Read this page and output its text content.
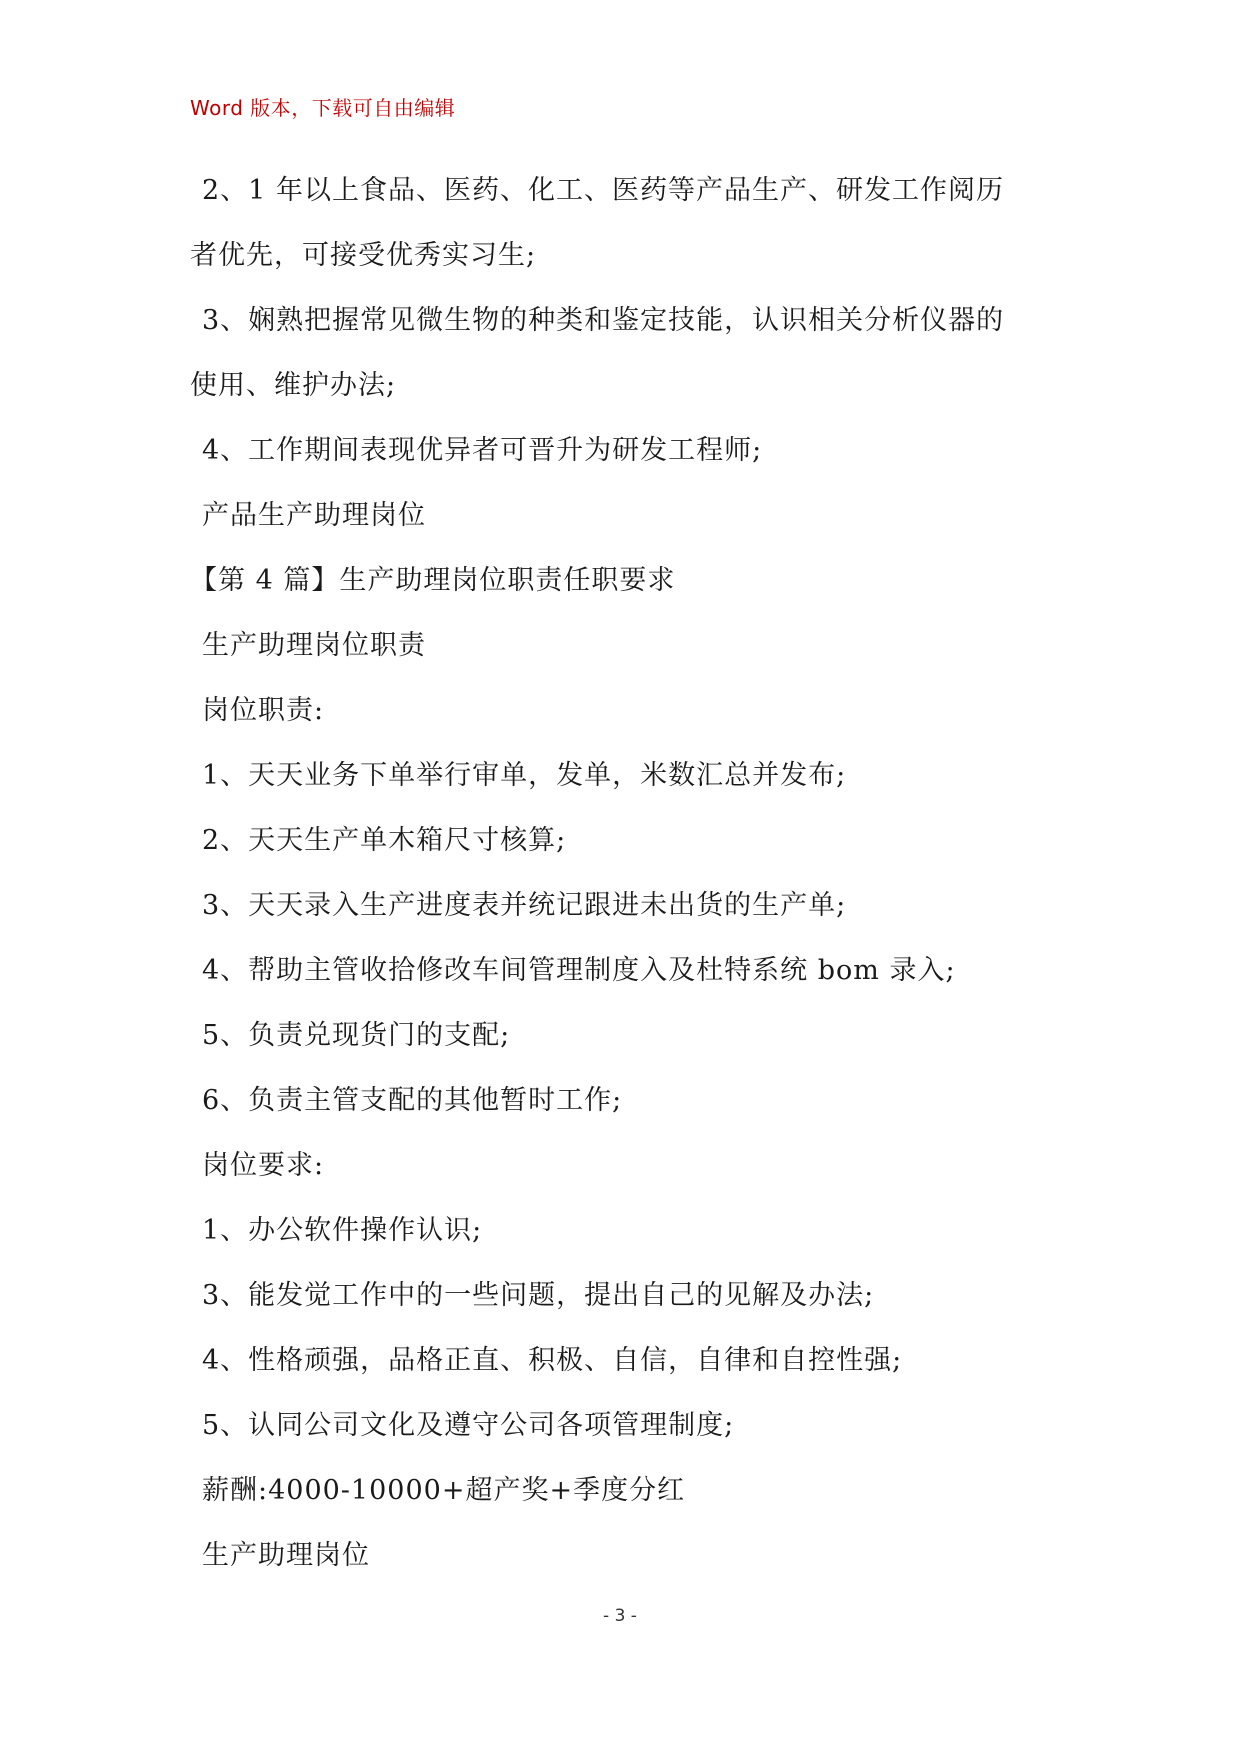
Word 版本，下载可自由编辑
2、1 年以上食品、医药、化工、医药等产品生产、研发工作阅历
者优先，可接受优秀实习生;
3、娴熟把握常见微生物的种类和鉴定技能，认识相关分析仪器的
使用、维护办法;
4、工作期间表现优异者可晋升为研发工程师;
产品生产助理岗位
【第 4 篇】生产助理岗位职责任职要求
生产助理岗位职责
岗位职责:
1、天天业务下单举行审单，发单，米数汇总并发布;
2、天天生产单木箱尺寸核算;
3、天天录入生产进度表并统记跟进未出货的生产单;
4、帮助主管收拾修改车间管理制度入及杜特系统 bom 录入;
5、负责兑现货门的支配;
6、负责主管支配的其他暂时工作;
岗位要求:
1、办公软件操作认识;
3、能发觉工作中的一些问题，提出自己的见解及办法;
4、性格顽强，品格正直、积极、自信，自律和自控性强;
5、认同公司文化及遵守公司各项管理制度;
薪酬:4000-10000+超产奖+季度分红
生产助理岗位
- 3 -
